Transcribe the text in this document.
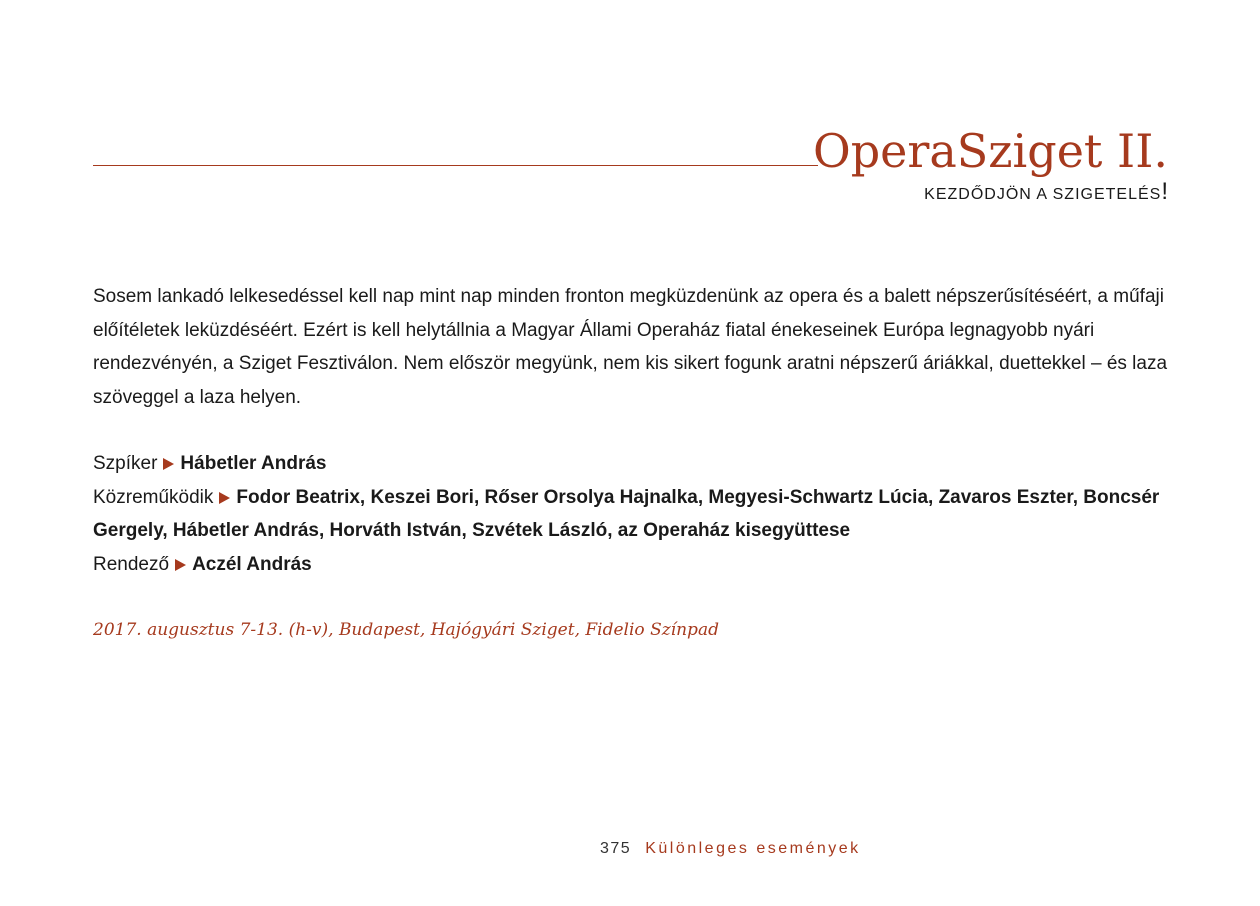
OperaSziget II.
KEZDŐDJÖN A SZIGETELÉS!

Sosem lankadó lelkesedéssel kell nap mint nap minden fronton megküzdenünk az opera és a balett népszerűsítéséért, a műfaji előítéletek leküzdéséért. Ezért is kell helytállnia a Magyar Állami Operaház fiatal énekeseinek Európa legnagyobb nyári rendezvényén, a Sziget Fesztiválon. Nem először megyünk, nem kis sikert fogunk aratni népszerű áriákkal, duettekkel – és laza szöveggel a laza helyen.

Szpíker Hábetler András
Közreműködik Fodor Beatrix, Keszei Bori, Rőser Orsolya Hajnalka, Megyesi-Schwartz Lúcia, Zavaros Eszter, Boncsér Gergely, Hábetler András, Horváth István, Szvétek László, az Operaház kisegyüttese
Rendező Aczél András
2017. augusztus 7-13. (h-v), Budapest, Hajógyári Sziget, Fidelio Színpad
375 Különleges események
